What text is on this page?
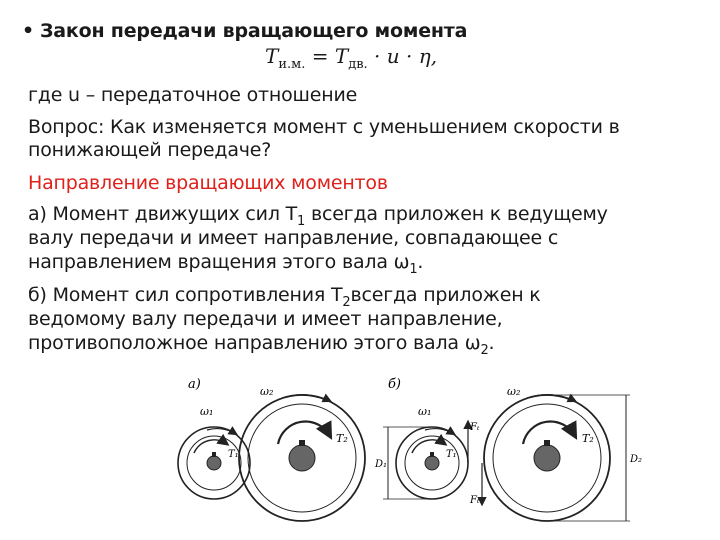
• Закон передачи вращающего момента
$T_{и.м.} = T_{дв.} \cdot u \cdot \eta$,
где u – передаточное отношение
Вопрос: Как изменяется момент с уменьшением скорости в
понижающей передаче?
Направление вращающих моментов
а) Момент движущих сил $T_1$ всегда приложен к ведущему
валу передачи и имеет направление, совпадающее с
направлением вращения этого вала $\omega_1$.
б) Момент сил сопротивления $T_2всегда$ приложен к
ведомому валу передачи и имеет направление,
противоположное направлению этого вала $\omega_2$.
а)
ω₁
T₁
ω₂
T₂
б)
ω₁
T₁
D₁
Fₜ
Fₜ
ω₂
T₂
D₂
